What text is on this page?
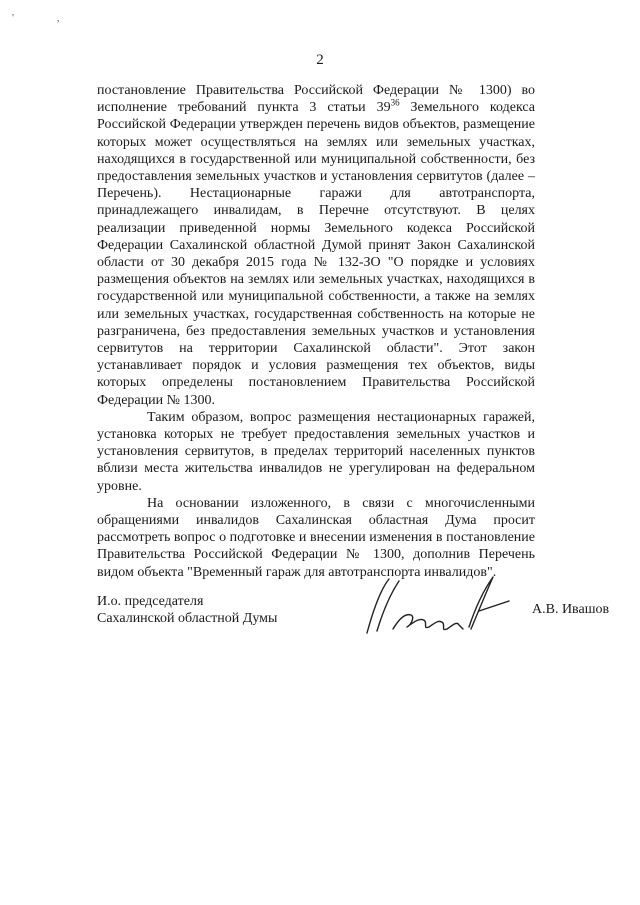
' ,
2

постановление Правительства Российской Федерации № 1300) во исполнение требований пункта 3 статьи $39^{36}$ Земельного кодекса Российской Федерации утвержден перечень видов объектов, размещение которых может осуществляться на землях или земельных участках, находящихся в государственной или муниципальной собственности, без предоставления земельных участков и установления сервитутов (далее – Перечень). Нестационарные гаражи для автотранспорта, принадлежащего инвалидам, в Перечне отсутствуют. В целях реализации приведенной нормы Земельного кодекса Российской Федерации Сахалинской областной Думой принят Закон Сахалинской области от 30 декабря 2015 года № 132-ЗО "О порядке и условиях размещения объектов на землях или земельных участках, находящихся в государственной или муниципальной собственности, а также на землях или земельных участках, государственная собственность на которые не разграничена, без предоставления земельных участков и установления сервитутов на территории Сахалинской области". Этот закон устанавливает порядок и условия размещения тех объектов, виды которых определены постановлением Правительства Российской Федерации № 1300.

Таким образом, вопрос размещения нестационарных гаражей, установка которых не требует предоставления земельных участков и установления сервитутов, в пределах территорий населенных пунктов вблизи места жительства инвалидов не урегулирован на федеральном уровне.

На основании изложенного, в связи с многочисленными обращениями инвалидов Сахалинская областная Дума просит рассмотреть вопрос о подготовке и внесении изменения в постановление Правительства Российской Федерации № 1300, дополнив Перечень видом объекта "Временный гараж для автотранспорта инвалидов".

И.о. председателя
Сахалинской областной Думы
А.В. Ивашов
